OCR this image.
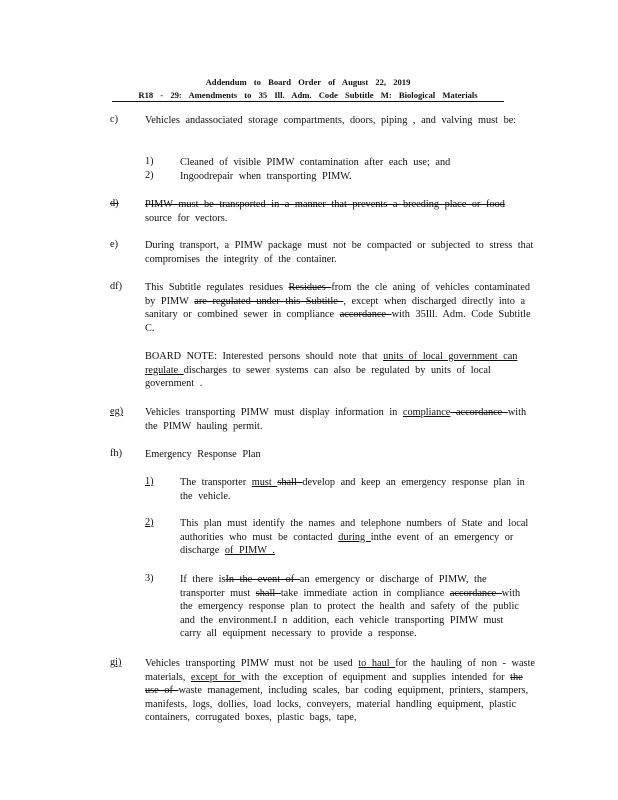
Addendum to Board Order of August 22, 2019
R18 - 29: Amendments to 35 Ill. Adm. Code Subtitle M: Biological Materials
c)	Vehicles andassociated storage compartments, doors, piping , and valving must be:
1)	Cleaned of visible PIMW contamination after each use; and
2)	Ingoodrepair when transporting PIMW.
d)	PIMW must be transported in a manner that prevents a breeding place or food
source for vectors.
e)	During transport, a PIMW package must not be compacted or subjected to stress that compromises the integrity of the container.
df) This Subtitle regulates residues Residues from the cle aning of vehicles contaminated by PIMW are regulated under this Subtitle , except when discharged directly into a sanitary or combined sewer in compliance accordance with 35Ill. Adm. Code Subtitle C.
BOARD NOTE: Interested persons should note that units of local government can regulate discharges to sewer systems can also be regulated by units of local government .
eg) Vehicles transporting PIMW must display information in compliance accordance with the PIMW hauling permit.
fh) Emergency Response Plan
1)	The transporter must shall develop and keep an emergency response plan in the vehicle.
2)	This plan must identify the names and telephone numbers of State and local authorities who must be contacted during inthe event of an emergency or discharge of PIMW .
3)	If there isIn the event of an emergency or discharge of PIMW, the transporter must shall take immediate action in compliance accordance with the emergency response plan to protect the health and safety of the public and the environment.I n addition, each vehicle transporting PIMW must carry all equipment necessary to provide a response.
gi) Vehicles transporting PIMW must not be used to haul for the hauling of non - waste materials, except for with the exception of equipment and supplies intended for the use of waste management, including scales, bar coding equipment, printers, stampers, manifests, logs, dollies, load locks, conveyers, material handling equipment, plastic containers, corrugated boxes, plastic bags, tape,
